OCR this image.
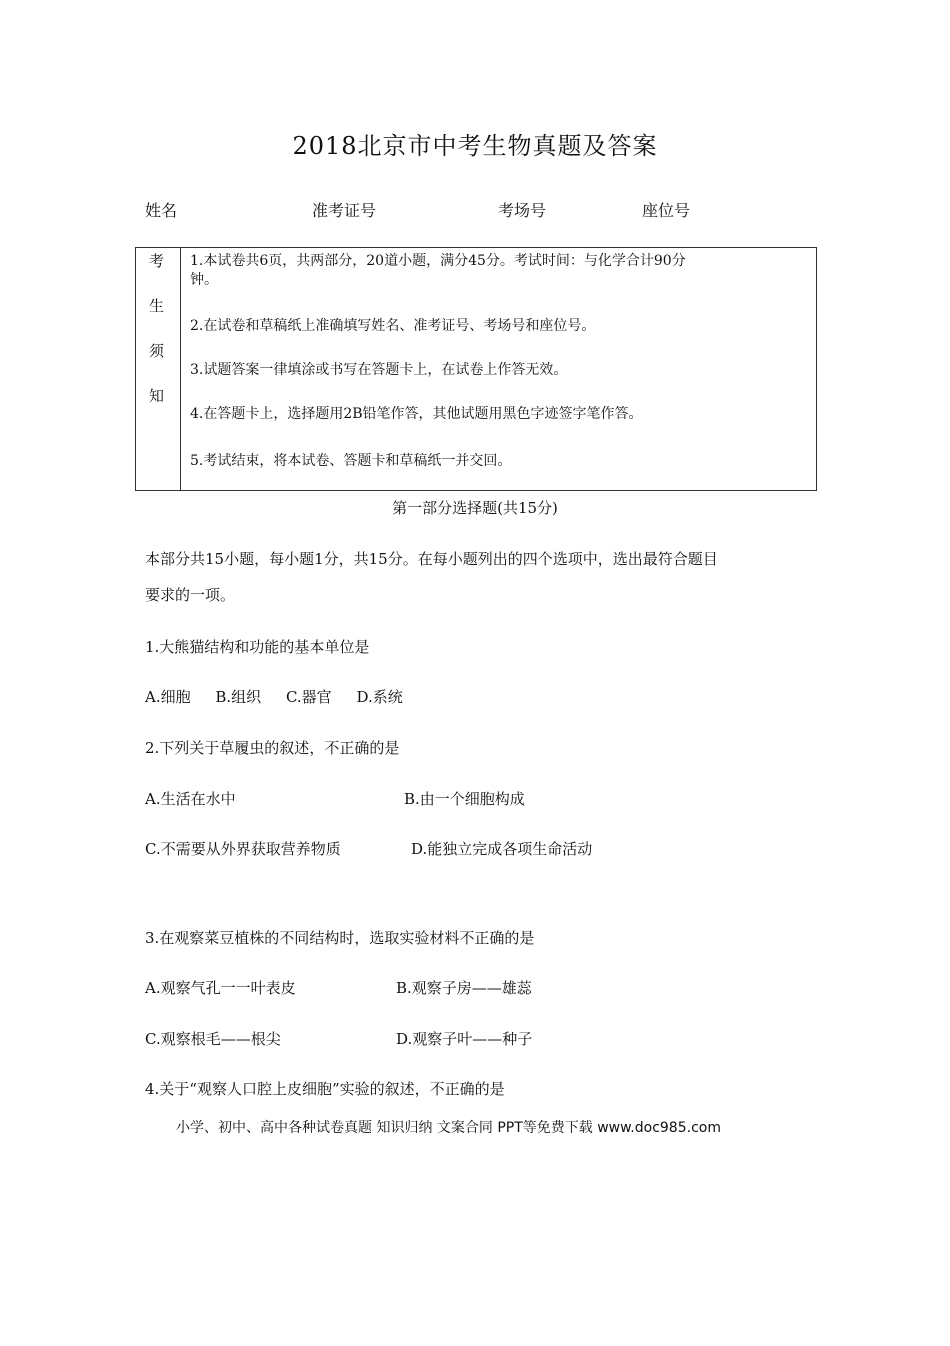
2018北京市中考生物真题及答案
姓名	准考证号	考场号	座位号
考
生
须
知
1.本试卷共6页，共两部分，20道小题，满分45分。考试时间：与化学合计90分
钟。
2.在试卷和草稿纸上准确填写姓名、准考证号、考场号和座位号。
3.试题答案一律填涂或书写在答题卡上，在试卷上作答无效。
4.在答题卡上，选择题用2B铅笔作答，其他试题用黑色字迹签字笔作答。
5.考试结束，将本试卷、答题卡和草稿纸一并交回。
第一部分选择题(共15分)
本部分共15小题，每小题1分，共15分。在每小题列出的四个选项中，选出最符合题目
要求的一项。
1.大熊猫结构和功能的基本单位是
A.细胞 B.组织 C.器官 D.系统
2.下列关于草履虫的叙述，不正确的是
A.生活在水中	B.由一个细胞构成
C.不需要从外界获取营养物质	D.能独立完成各项生命活动
3.在观察菜豆植株的不同结构时，选取实验材料不正确的是
A.观察气孔一一叶表皮	B.观察子房——雄蕊
C.观察根毛——根尖	D.观察子叶——种子
4.关于“观察人口腔上皮细胞”实验的叙述，不正确的是
小学、初中、高中各种试卷真题 知识归纳 文案合同 PPT等免费下载 www.doc985.com
